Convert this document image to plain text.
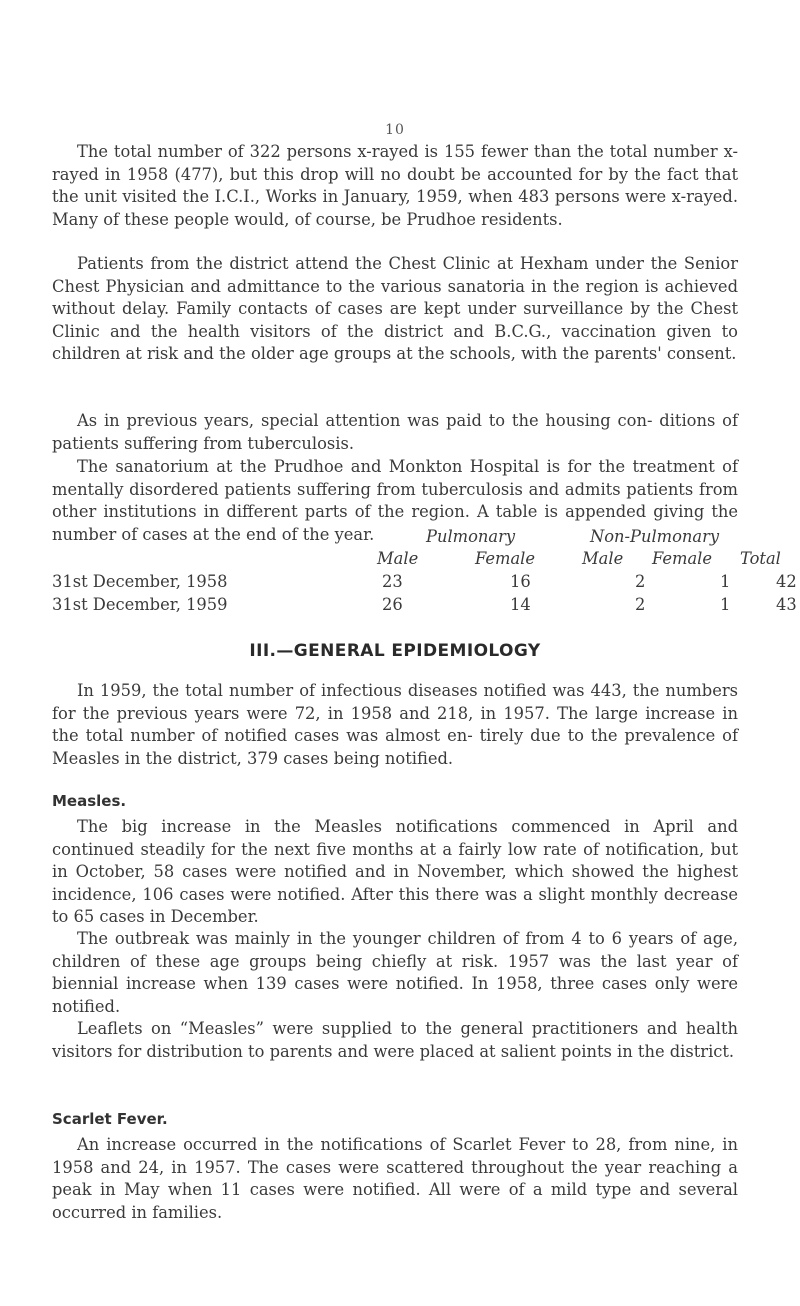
10

The total number of 322 persons x-rayed is 155 fewer than the total number x-rayed in 1958 (477), but this drop will no doubt be accounted for by the fact that the unit visited the I.C.I., Works in January, 1959, when 483 persons were x-rayed. Many of these people would, of course, be Prudhoe residents.

Patients from the district attend the Chest Clinic at Hexham under the Senior Chest Physician and admittance to the various sanatoria in the region is achieved without delay. Family contacts of cases are kept under surveillance by the Chest Clinic and the health visitors of the district and B.C.G., vaccination given to children at risk and the older age groups at the schools, with the parents' consent.

As in previous years, special attention was paid to the housing con- ditions of patients suffering from tuberculosis.

The sanatorium at the Prudhoe and Monkton Hospital is for the treatment of mentally disordered patients suffering from tuberculosis and admits patients from other institutions in different parts of the region. A table is appended giving the number of cases at the end of the year.	Pulmonary	Non-Pulmonary
Male	Female	Male Female Total
31st December, 1958	23	16	2	1	42
31st December, 1959	26	14	2	1	43
III.—GENERAL EPIDEMIOLOGY

In 1959, the total number of infectious diseases notified was 443, the numbers for the previous years were 72, in 1958 and 218, in 1957. The large increase in the total number of notified cases was almost en- tirely due to the prevalence of Measles in the district, 379 cases being notified.

Measles.

The big increase in the Measles notifications commenced in April and continued steadily for the next five months at a fairly low rate of notification, but in October, 58 cases were notified and in November, which showed the highest incidence, 106 cases were notified. After this there was a slight monthly decrease to 65 cases in December.

The outbreak was mainly in the younger children of from 4 to 6 years of age, children of these age groups being chiefly at risk. 1957 was the last year of biennial increase when 139 cases were notified. In 1958, three cases only were notified.

Leaflets on “Measles” were supplied to the general practitioners and health visitors for distribution to parents and were placed at salient points in the district.

Scarlet Fever.

An increase occurred in the notifications of Scarlet Fever to 28, from nine, in 1958 and 24, in 1957. The cases were scattered throughout the year reaching a peak in May when 11 cases were notified. All were of a mild type and several occurred in families.
